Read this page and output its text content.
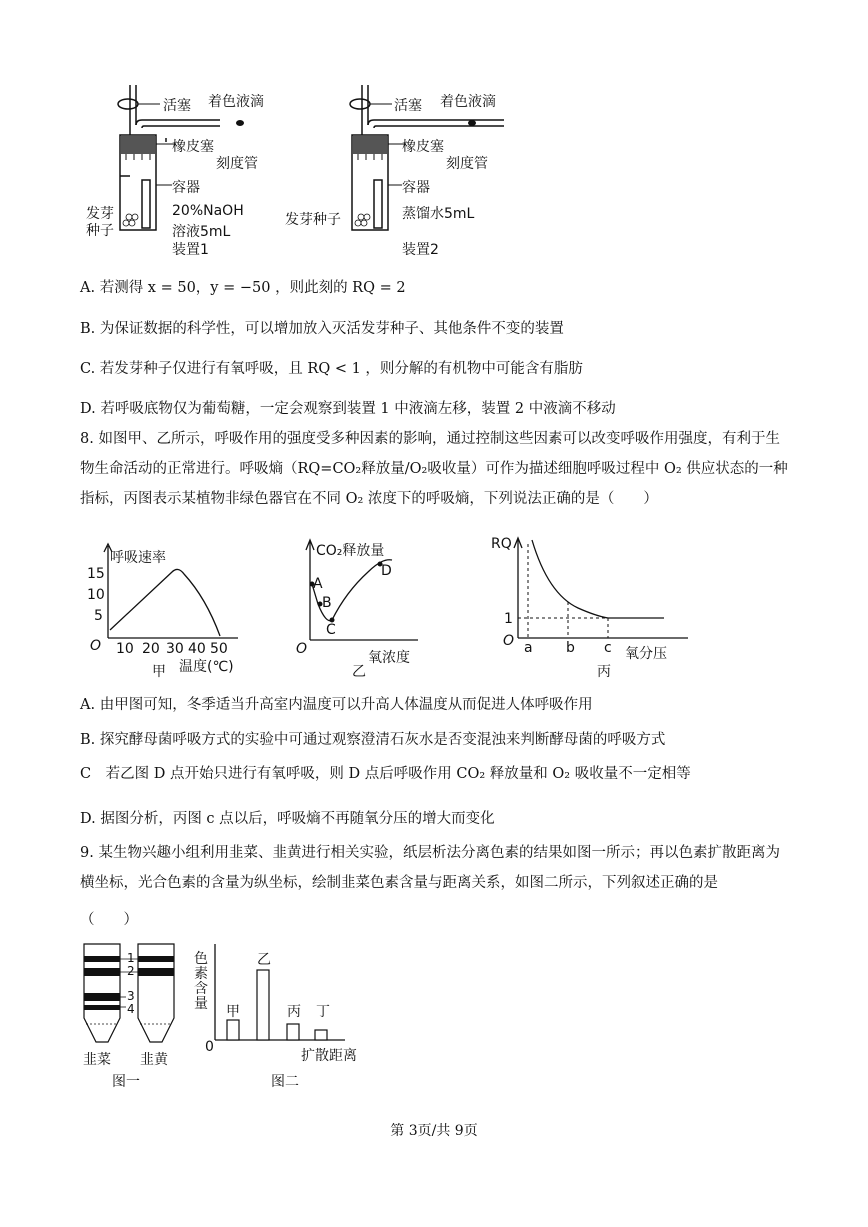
活塞 着色液滴
橡皮塞
刻度管
容器
发芽
种子
20%NaOH
溶液5mL
装置1
活塞 着色液滴
橡皮塞
刻度管
容器
发芽种子	蒸馏水5mL
装置2
A. 若测得 x = 50，y = −50 ，则此刻的 RQ = 2
B. 为保证数据的科学性，可以增加放入灭活发芽种子、其他条件不变的装置
C. 若发芽种子仅进行有氧呼吸，且 RQ < 1 ，则分解的有机物中可能含有脂肪
D. 若呼吸底物仅为葡萄糖，一定会观察到装置 1 中液滴左移，装置 2 中液滴不移动
8. 如图甲、乙所示，呼吸作用的强度受多种因素的影响，通过控制这些因素可以改变呼吸作用强度，有利于生物生命活动的正常进行。呼吸熵（RQ=CO₂释放量/O₂吸收量）可作为描述细胞呼吸过程中 O₂ 供应状态的一种指标，丙图表示某植物非绿色器官在不同 O₂ 浓度下的呼吸熵，下列说法正确的是（　　）
呼吸速率
15
10
5
O 10 20 30 40 50
甲 温度(℃)
CO₂释放量
A
B
C
D
O
氧浓度
乙
RQ
1
O a b c 氧分压
丙
A. 由甲图可知，冬季适当升高室内温度可以升高人体温度从而促进人体呼吸作用
B. 探究酵母菌呼吸方式的实验中可通过观察澄清石灰水是否变混浊来判断酵母菌的呼吸方式
C　若乙图 D 点开始只进行有氧呼吸，则 D 点后呼吸作用 CO₂ 释放量和 O₂ 吸收量不一定相等
D. 据图分析，丙图 c 点以后，呼吸熵不再随氧分压的增大而变化
9. 某生物兴趣小组利用韭菜、韭黄进行相关实验，纸层析法分离色素的结果如图一所示；再以色素扩散距离为横坐标，光合色素的含量为纵坐标，绘制韭菜色素含量与距离关系，如图二所示，下列叙述正确的是
（　　）
1
2
3
4
韭菜 韭黄
图一
色素含量 甲
乙
丙 丁
0
扩散距离
图二
第 3页/共 9页
